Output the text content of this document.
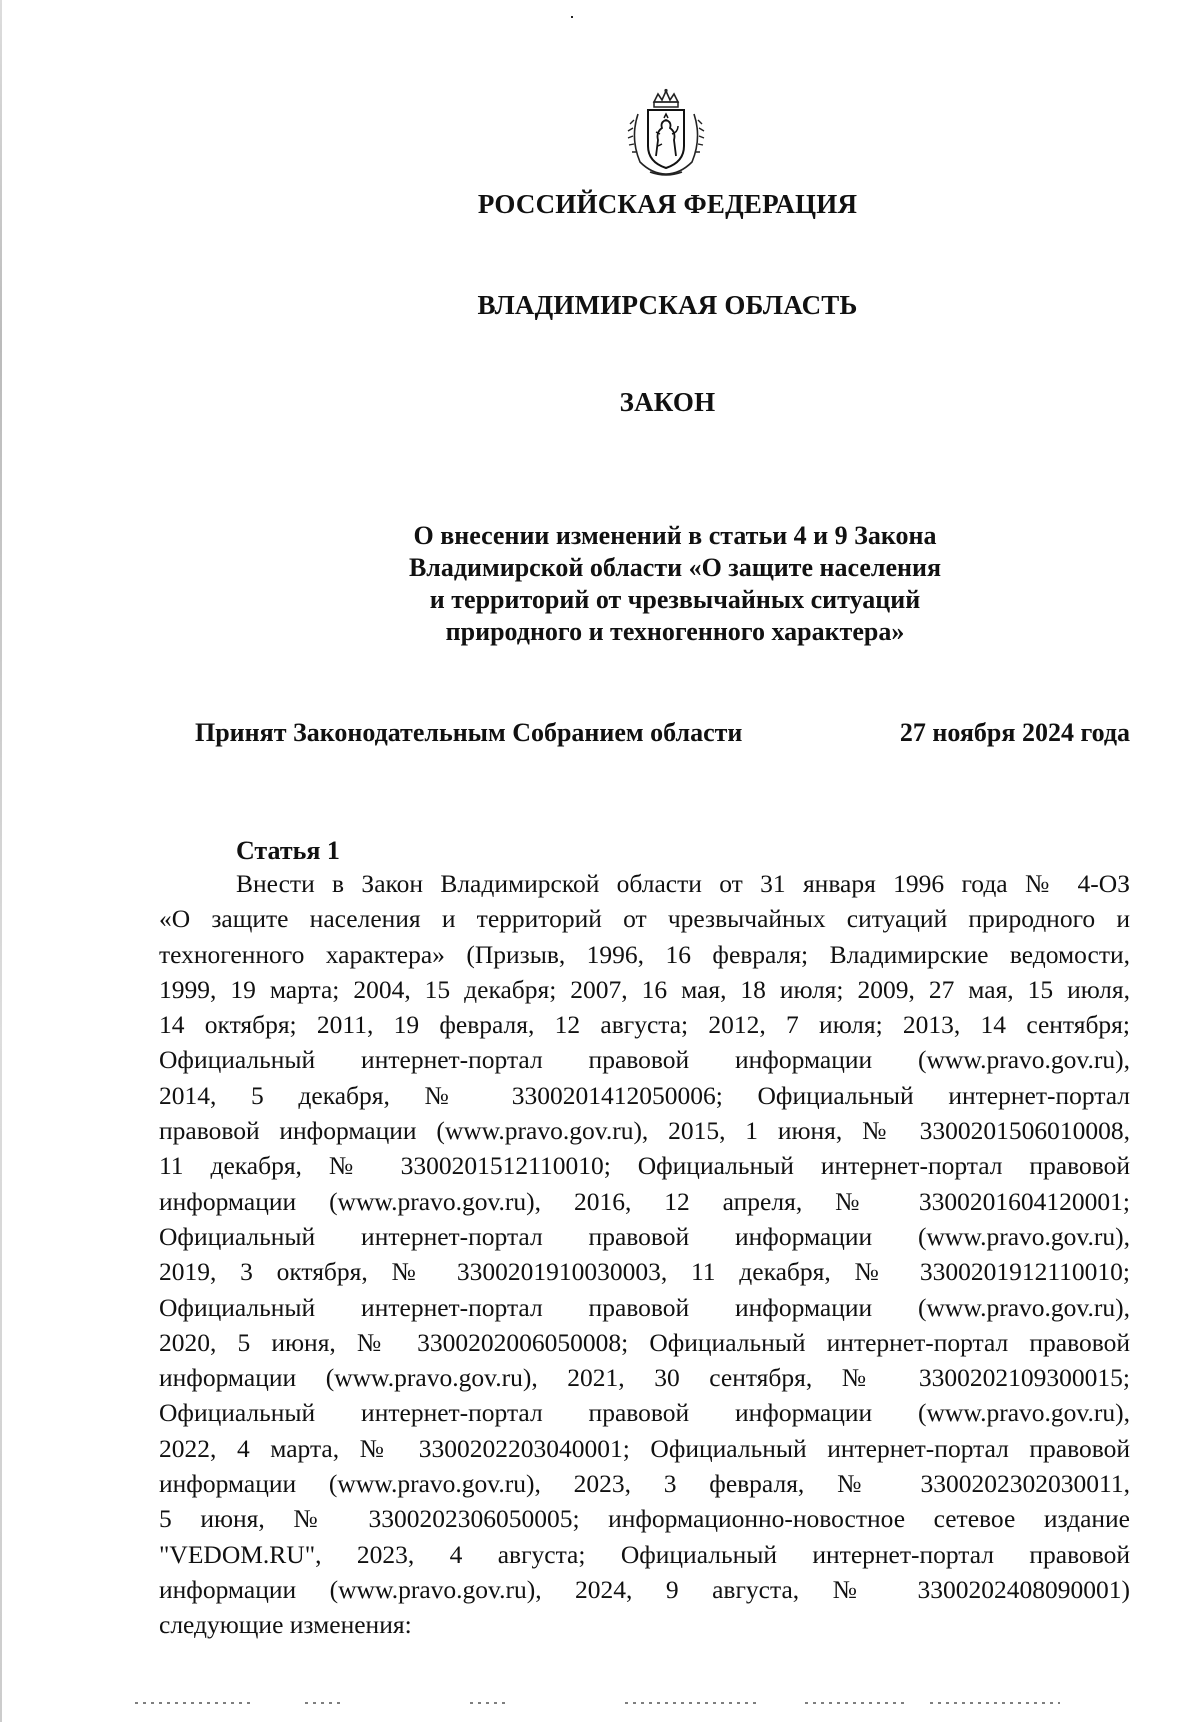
РОССИЙСКАЯ ФЕДЕРАЦИЯ
ВЛАДИМИРСКАЯ ОБЛАСТЬ
ЗАКОН
О внесении изменений в статьи 4 и 9 Закона
Владимирской области «О защите населения
и территорий от чрезвычайных ситуаций
природного и техногенного характера»
Принят Законодательным Собранием области	27 ноября 2024 года
Статья 1
Внести в Закон Владимирской области от 31 января 1996 года № 4-ОЗ
«О защите населения и территорий от чрезвычайных ситуаций природного и
техногенного характера» (Призыв, 1996, 16 февраля; Владимирские ведомости,
1999, 19 марта; 2004, 15 декабря; 2007, 16 мая, 18 июля; 2009, 27 мая, 15 июля,
14 октября; 2011, 19 февраля, 12 августа; 2012, 7 июля; 2013, 14 сентября;
Официальный интернет-портал правовой информации (www.pravo.gov.ru),
2014, 5 декабря, № 3300201412050006; Официальный интернет-портал
правовой информации (www.pravo.gov.ru), 2015, 1 июня, № 3300201506010008,
11 декабря, № 3300201512110010; Официальный интернет-портал правовой
информации (www.pravo.gov.ru), 2016, 12 апреля, № 3300201604120001;
Официальный интернет-портал правовой информации (www.pravo.gov.ru),
2019, 3 октября, № 3300201910030003, 11 декабря, № 3300201912110010;
Официальный интернет-портал правовой информации (www.pravo.gov.ru),
2020, 5 июня, № 3300202006050008; Официальный интернет-портал правовой
информации (www.pravo.gov.ru), 2021, 30 сентября, № 3300202109300015;
Официальный интернет-портал правовой информации (www.pravo.gov.ru),
2022, 4 марта, № 3300202203040001; Официальный интернет-портал правовой
информации (www.pravo.gov.ru), 2023, 3 февраля, № 3300202302030011,
5 июня, № 3300202306050005; информационно-новостное сетевое издание
"VEDOM.RU", 2023, 4 августа; Официальный интернет-портал правовой
информации (www.pravo.gov.ru), 2024, 9 августа, № 3300202408090001)
следующие изменения:
